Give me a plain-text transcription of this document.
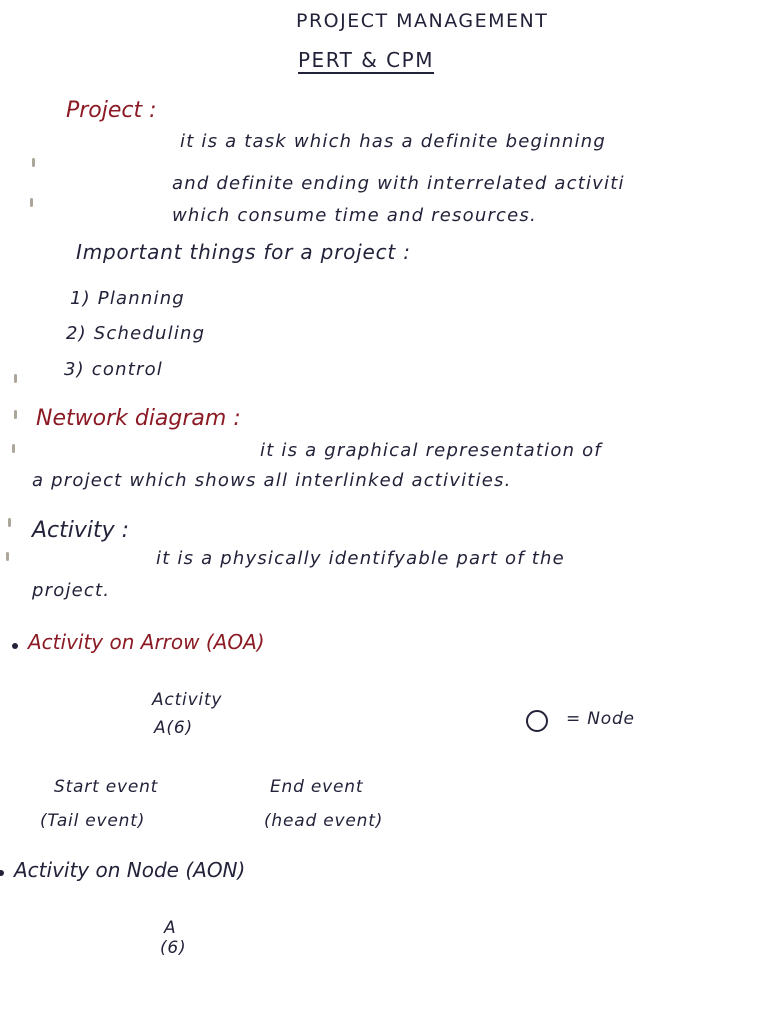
PROJECT MANAGEMENT
PERT & CPM
Project :
it is a task which has a definite beginning
and definite ending with interrelated activiti
which consume time and resources.
Important things for a project :
1) Planning
2) Scheduling
3) control
Network diagram :
it is a graphical representation of
a project which shows all interlinked activities.
Activity :
it is a physically identifyable part of the
project.
Activity on Arrow (AOA)
Activity
A(6)	= Node
Start event
(Tail event)
End event
(head event)
Activity on Node (AON)
A
(6)
